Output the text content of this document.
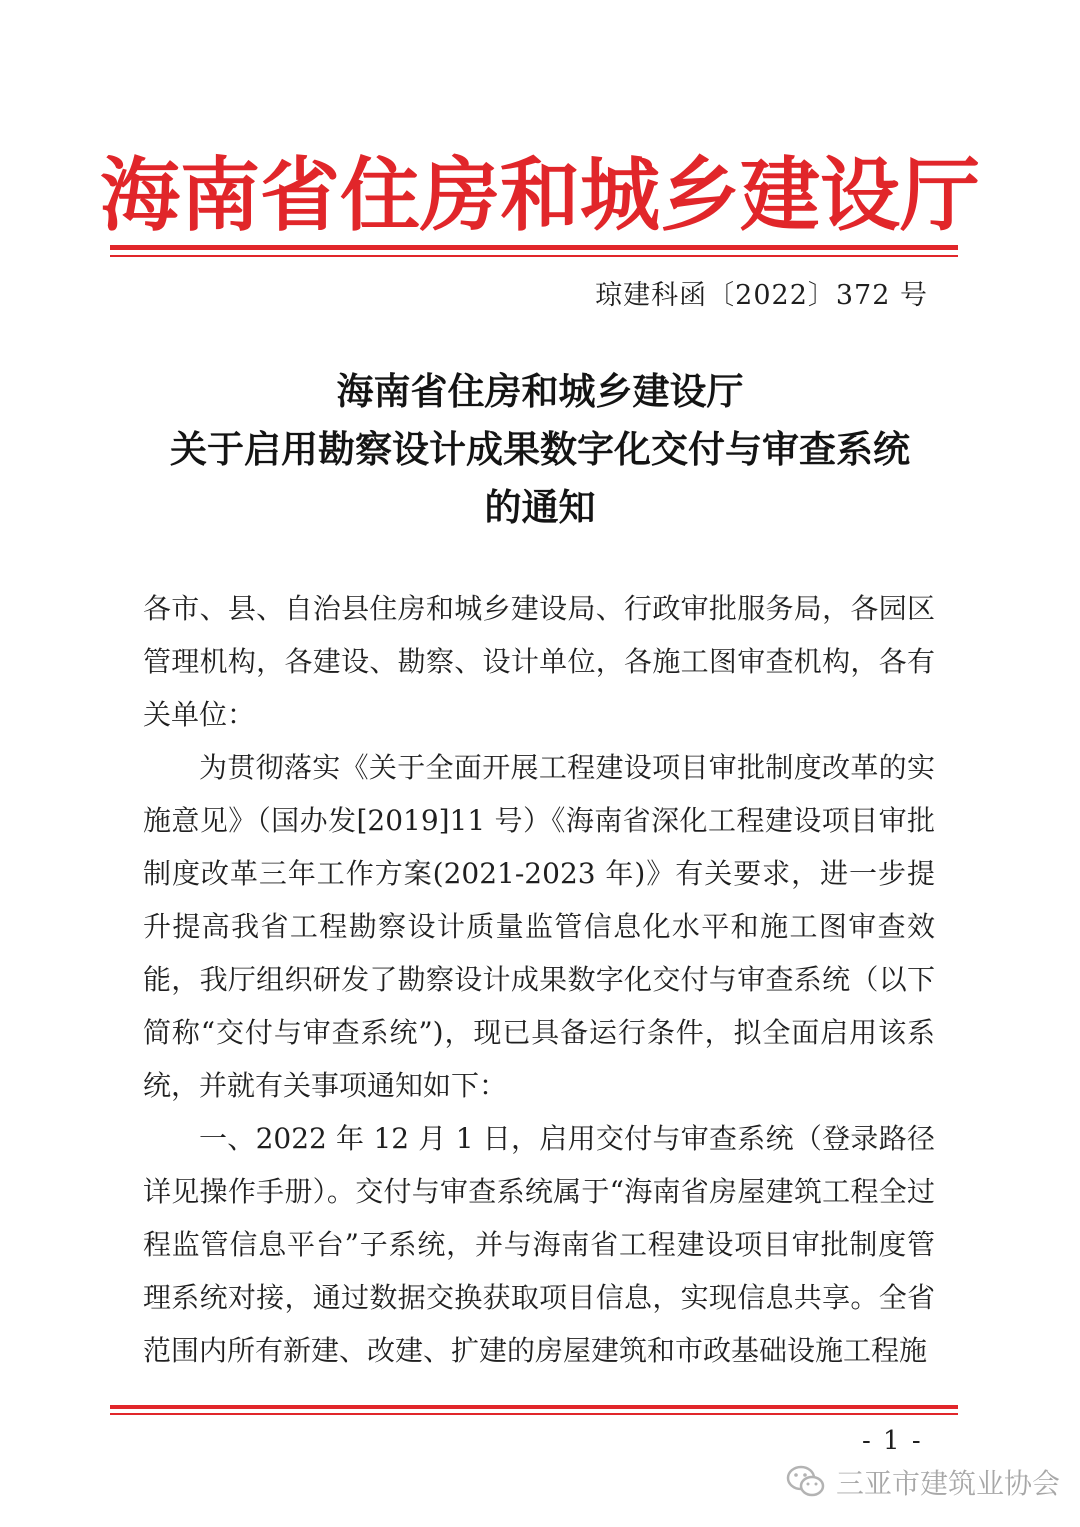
海南省住房和城乡建设厅
琼建科函〔2022〕372 号
海南省住房和城乡建设厅
关于启用勘察设计成果数字化交付与审查系统
的通知

各市、县、自治县住房和城乡建设局、行政审批服务局，各园区管理机构，各建设、勘察、设计单位，各施工图审查机构，各有关单位：

为贯彻落实《关于全面开展工程建设项目审批制度改革的实施意见》（国办发[2019]11 号）《海南省深化工程建设项目审批制度改革三年工作方案(2021-2023 年)》有关要求，进一步提升提高我省工程勘察设计质量监管信息化水平和施工图审查效能，我厅组织研发了勘察设计成果数字化交付与审查系统（以下简称“交付与审查系统”)，现已具备运行条件，拟全面启用该系统，并就有关事项通知如下：

一、2022 年 12 月 1 日，启用交付与审查系统（登录路径详见操作手册）。交付与审查系统属于“海南省房屋建筑工程全过程监管信息平台”子系统，并与海南省工程建设项目审批制度管理系统对接，通过数据交换获取项目信息，实现信息共享。全省范围内所有新建、改建、扩建的房屋建筑和市政基础设施工程施

- 1 -
三亚市建筑业协会
